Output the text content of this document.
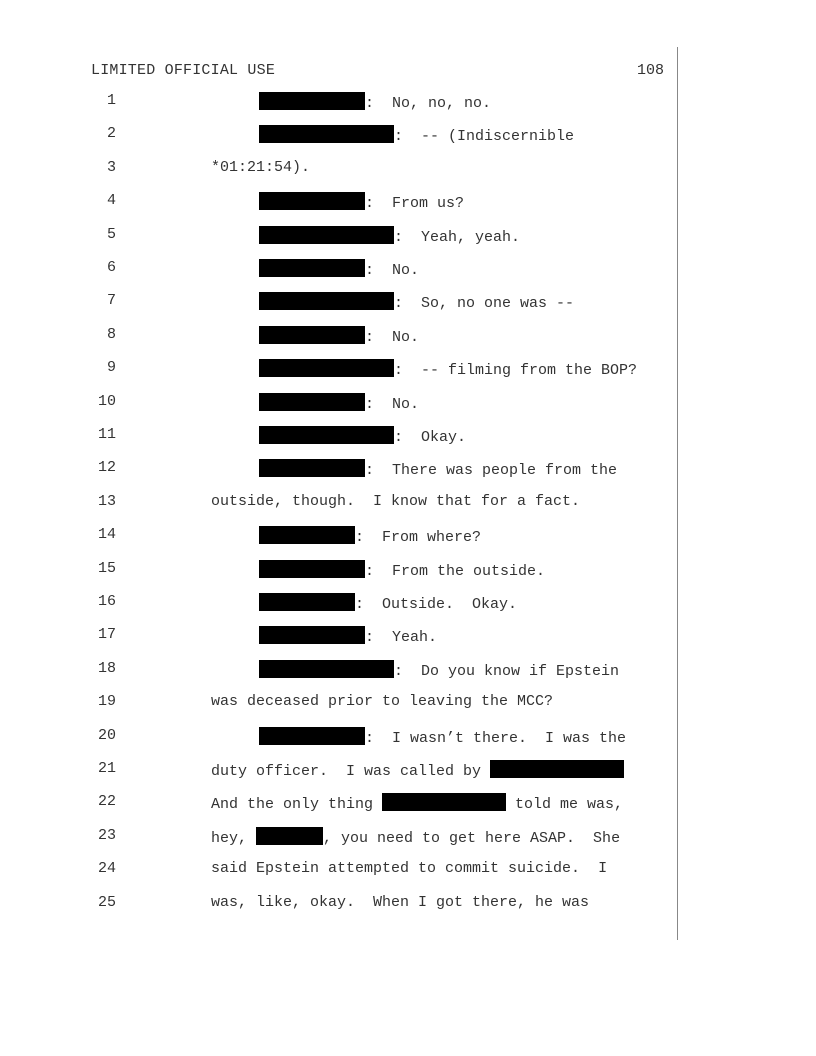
LIMITED OFFICIAL USE	108
1	:  No, no, no.
2	:  -- (Indiscernible
3	*01:21:54).
4	:  From us?
5	:  Yeah, yeah.
6	:  No.
7	:  So, no one was --
8	:  No.
9	:  -- filming from the BOP?
10	:  No.
11	:  Okay.
12	:  There was people from the
13	outside, though.  I know that for a fact.
14	:  From where?
15	:  From the outside.
16	:  Outside.  Okay.
17	:  Yeah.
18	:  Do you know if Epstein
19	was deceased prior to leaving the MCC?
20	:  I wasn’t there.  I was the
21	duty officer.  I was called by
22	And the only thing	told me was,
23	hey,	, you need to get here ASAP.  She
24	said Epstein attempted to commit suicide.  I
25	was, like, okay.  When I got there, he was
